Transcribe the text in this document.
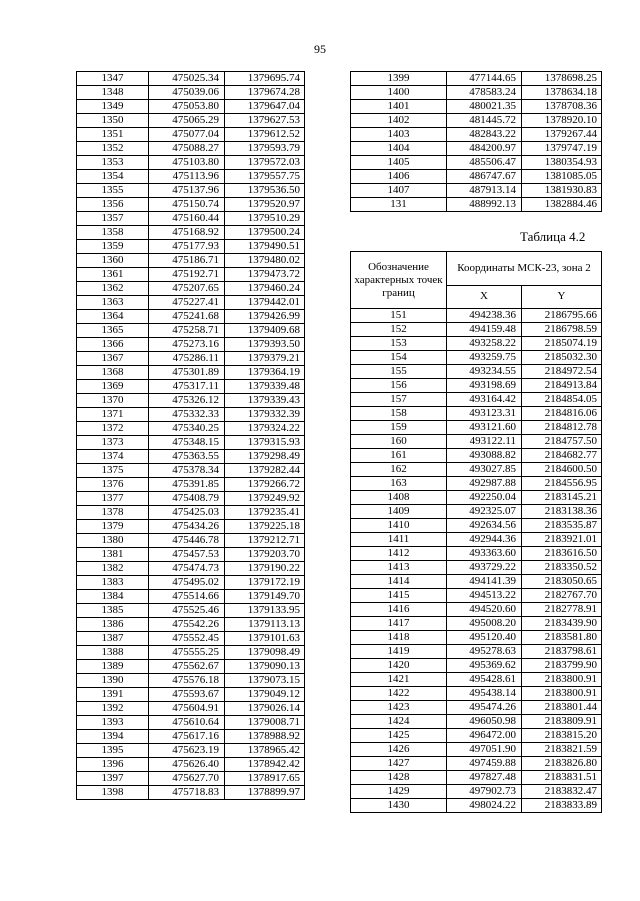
95
1347	475025.34	1379695.74
1348	475039.06	1379674.28
1349	475053.80	1379647.04
1350	475065.29	1379627.53
1351	475077.04	1379612.52
1352	475088.27	1379593.79
1353	475103.80	1379572.03
1354	475113.96	1379557.75
1355	475137.96	1379536.50
1356	475150.74	1379520.97
1357	475160.44	1379510.29
1358	475168.92	1379500.24
1359	475177.93	1379490.51
1360	475186.71	1379480.02
1361	475192.71	1379473.72
1362	475207.65	1379460.24
1363	475227.41	1379442.01
1364	475241.68	1379426.99
1365	475258.71	1379409.68
1366	475273.16	1379393.50
1367	475286.11	1379379.21
1368	475301.89	1379364.19
1369	475317.11	1379339.48
1370	475326.12	1379339.43
1371	475332.33	1379332.39
1372	475340.25	1379324.22
1373	475348.15	1379315.93
1374	475363.55	1379298.49
1375	475378.34	1379282.44
1376	475391.85	1379266.72
1377	475408.79	1379249.92
1378	475425.03	1379235.41
1379	475434.26	1379225.18
1380	475446.78	1379212.71
1381	475457.53	1379203.70
1382	475474.73	1379190.22
1383	475495.02	1379172.19
1384	475514.66	1379149.70
1385	475525.46	1379133.95
1386	475542.26	1379113.13
1387	475552.45	1379101.63
1388	475555.25	1379098.49
1389	475562.67	1379090.13
1390	475576.18	1379073.15
1391	475593.67	1379049.12
1392	475604.91	1379026.14
1393	475610.64	1379008.71
1394	475617.16	1378988.92
1395	475623.19	1378965.42
1396	475626.40	1378942.42
1397	475627.70	1378917.65
1398	475718.83	1378899.97
1399	477144.65	1378698.25
1400	478583.24	1378634.18
1401	480021.35	1378708.36
1402	481445.72	1378920.10
1403	482843.22	1379267.44
1404	484200.97	1379747.19
1405	485506.47	1380354.93
1406	486747.67	1381085.05
1407	487913.14	1381930.83
131	488992.13	1382884.46
Таблица 4.2
Обозначение характерных точек границ	Координаты МСК-23, зона 2	
	X	Y
151	494238.36	2186795.66
152	494159.48	2186798.59
153	493258.22	2185074.19
154	493259.75	2185032.30
155	493234.55	2184972.54
156	493198.69	2184913.84
157	493164.42	2184854.05
158	493123.31	2184816.06
159	493121.60	2184812.78
160	493122.11	2184757.50
161	493088.82	2184682.77
162	493027.85	2184600.50
163	492987.88	2184556.95
1408	492250.04	2183145.21
1409	492325.07	2183138.36
1410	492634.56	2183535.87
1411	492944.36	2183921.01
1412	493363.60	2183616.50
1413	493729.22	2183350.52
1414	494141.39	2183050.65
1415	494513.22	2182767.70
1416	494520.60	2182778.91
1417	495008.20	2183439.90
1418	495120.40	2183581.80
1419	495278.63	2183798.61
1420	495369.62	2183799.90
1421	495428.61	2183800.91
1422	495438.14	2183800.91
1423	495474.26	2183801.44
1424	496050.98	2183809.91
1425	496472.00	2183815.20
1426	497051.90	2183821.59
1427	497459.88	2183826.80
1428	497827.48	2183831.51
1429	497902.73	2183832.47
1430	498024.22	2183833.89
